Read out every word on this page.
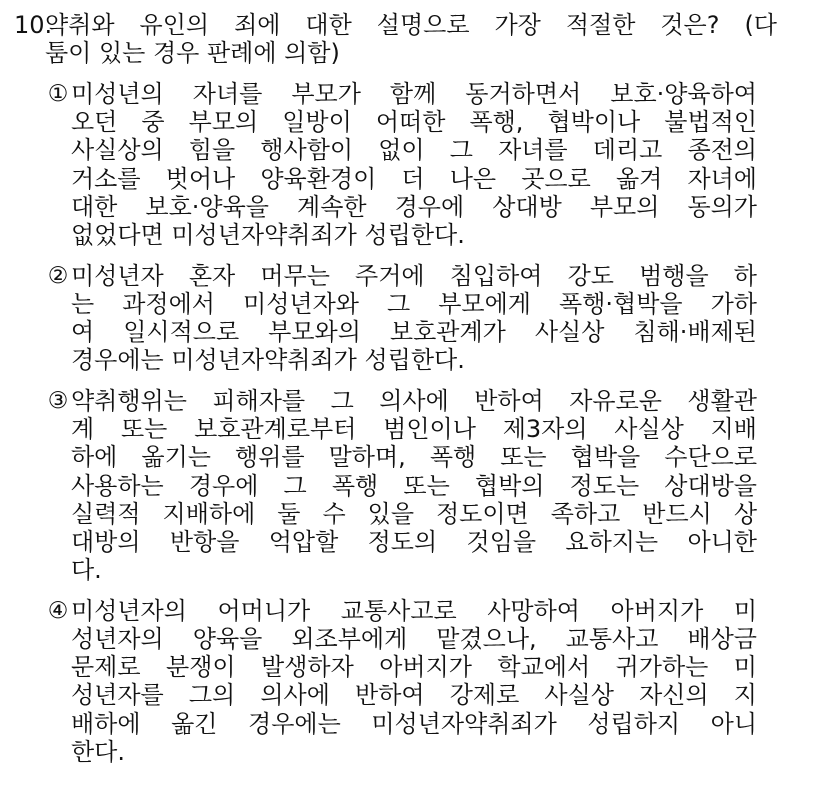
10.
약취와 유인의 죄에 대한 설명으로 가장 적절한 것은? (다
툼이 있는 경우 판례에 의함)
① 미성년의 자녀를 부모가 함께 동거하면서 보호·양육하여
오던 중 부모의 일방이 어떠한 폭행, 협박이나 불법적인
사실상의 힘을 행사함이 없이 그 자녀를 데리고 종전의
거소를 벗어나 양육환경이 더 나은 곳으로 옮겨 자녀에
대한 보호·양육을 계속한 경우에 상대방 부모의 동의가
없었다면 미성년자약취죄가 성립한다.
② 미성년자 혼자 머무는 주거에 침입하여 강도 범행을 하
는 과정에서 미성년자와 그 부모에게 폭행·협박을 가하
여 일시적으로 부모와의 보호관계가 사실상 침해·배제된
경우에는 미성년자약취죄가 성립한다.
③ 약취행위는 피해자를 그 의사에 반하여 자유로운 생활관
계 또는 보호관계로부터 범인이나 제3자의 사실상 지배
하에 옮기는 행위를 말하며, 폭행 또는 협박을 수단으로
사용하는 경우에 그 폭행 또는 협박의 정도는 상대방을
실력적 지배하에 둘 수 있을 정도이면 족하고 반드시 상
대방의 반항을 억압할 정도의 것임을 요하지는 아니한
다.
④ 미성년자의 어머니가 교통사고로 사망하여 아버지가 미
성년자의 양육을 외조부에게 맡겼으나, 교통사고 배상금
문제로 분쟁이 발생하자 아버지가 학교에서 귀가하는 미
성년자를 그의 의사에 반하여 강제로 사실상 자신의 지
배하에 옮긴 경우에는 미성년자약취죄가 성립하지 아니
한다.
